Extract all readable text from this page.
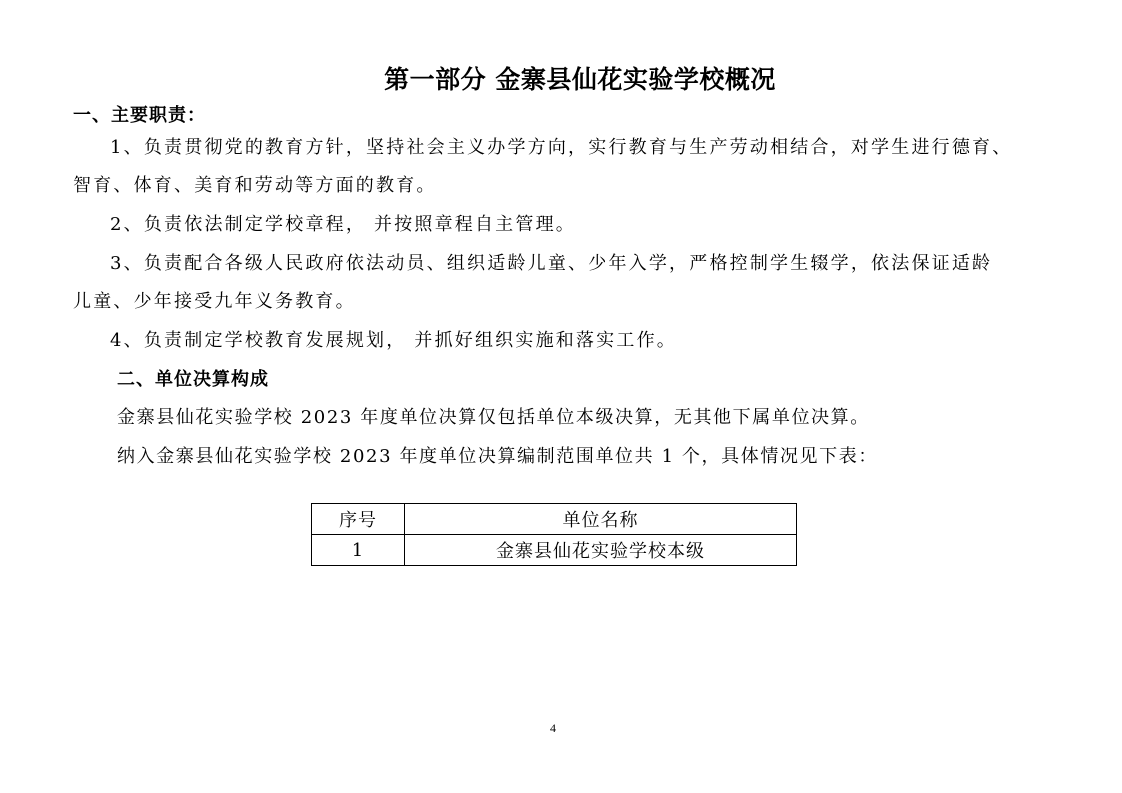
第一部分 金寨县仙花实验学校概况
一、主要职责：
1、负责贯彻党的教育方针，坚持社会主义办学方向，实行教育与生产劳动相结合，对学生进行德育、
智育、体育、美育和劳动等方面的教育。
2、负责依法制定学校章程， 并按照章程自主管理。
3、负责配合各级人民政府依法动员、组织适龄儿童、少年入学，严格控制学生辍学，依法保证适龄
儿童、少年接受九年义务教育。
4、负责制定学校教育发展规划， 并抓好组织实施和落实工作。
二、单位决算构成
金寨县仙花实验学校 2023 年度单位决算仅包括单位本级决算，无其他下属单位决算。
纳入金寨县仙花实验学校 2023 年度单位决算编制范围单位共 1 个，具体情况见下表：
序号	单位名称
1	金寨县仙花实验学校本级
4
